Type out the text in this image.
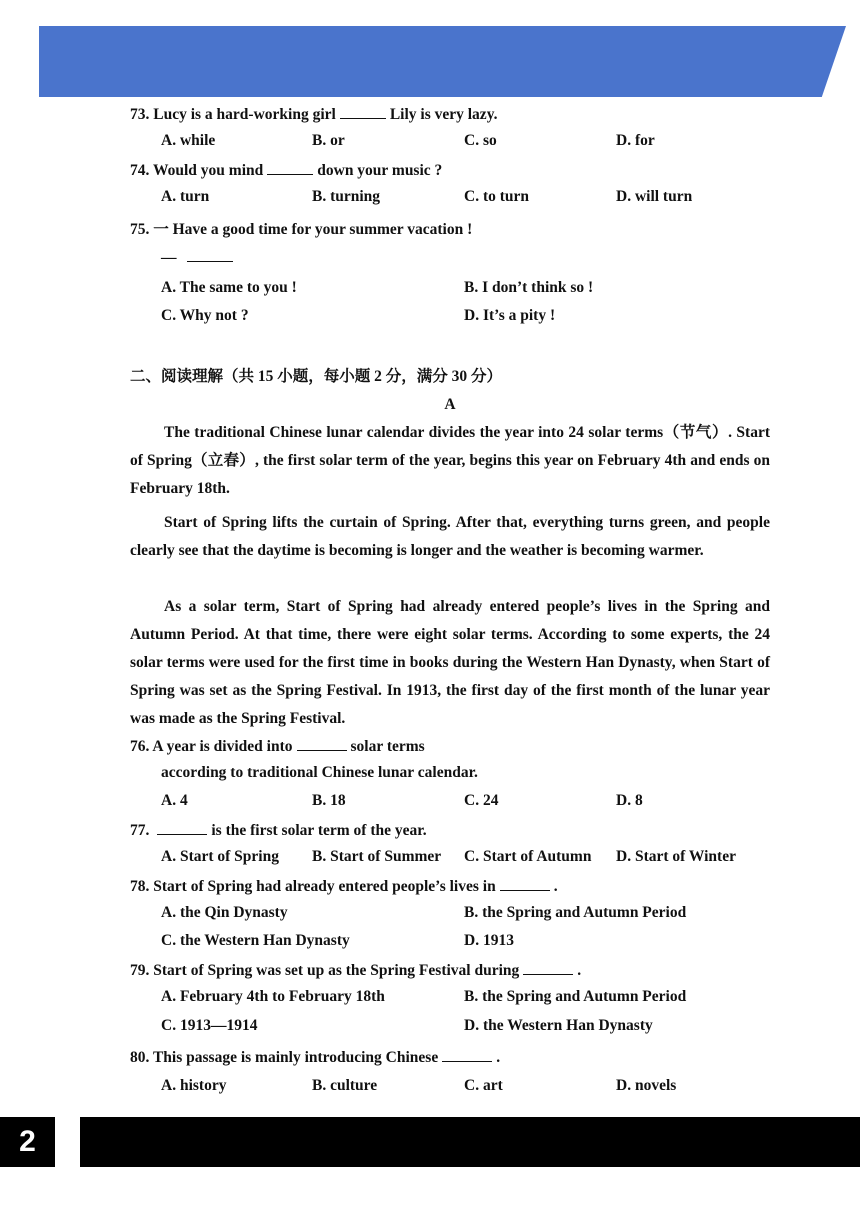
73. Lucy is a hard-working girl	Lily is very lazy.
A. while	B. or	C. so	D. for
74. Would you mind	down your music ?
A. turn	B. turning	C. to turn	D. will turn
75. 一 Have a good time for your summer vacation !
—
A. The same to you !	B. I don’t think so !
C. Why not ?	D. It’s a pity !
二、阅读理解（共 15 小题，每小题 2 分，满分 30 分）
A
The traditional Chinese lunar calendar divides the year into 24 solar terms（节气）. Start of Spring（立春）, the first solar term of the year, begins this year on February 4th and ends on February 18th.
Start of Spring lifts the curtain of Spring. After that, everything turns green, and people clearly see that the daytime is becoming is longer and the weather is becoming warmer.
As a solar term, Start of Spring had already entered people’s lives in the Spring and Autumn Period. At that time, there were eight solar terms. According to some experts, the 24 solar terms were used for the first time in books during the Western Han Dynasty, when Start of Spring was set as the Spring Festival. In 1913, the first day of the first month of the lunar year was made as the Spring Festival.
76. A year is divided into	solar terms
according to traditional Chinese lunar calendar.
A. 4	B. 18	C. 24	D. 8
77.	is the first solar term of the year.
A. Start of Spring B. Start of Summer C. Start of Autumn D. Start of Winter
78. Start of Spring had already entered people’s lives in	.
A. the Qin Dynasty	B. the Spring and Autumn Period
C. the Western Han Dynasty	D. 1913
79. Start of Spring was set up as the Spring Festival during	.
A. February 4th to February 18th	B. the Spring and Autumn Period
C. 1913—1914	D. the Western Han Dynasty
80. This passage is mainly introducing Chinese	.
A. history	B. culture	C. art	D. novels
2
